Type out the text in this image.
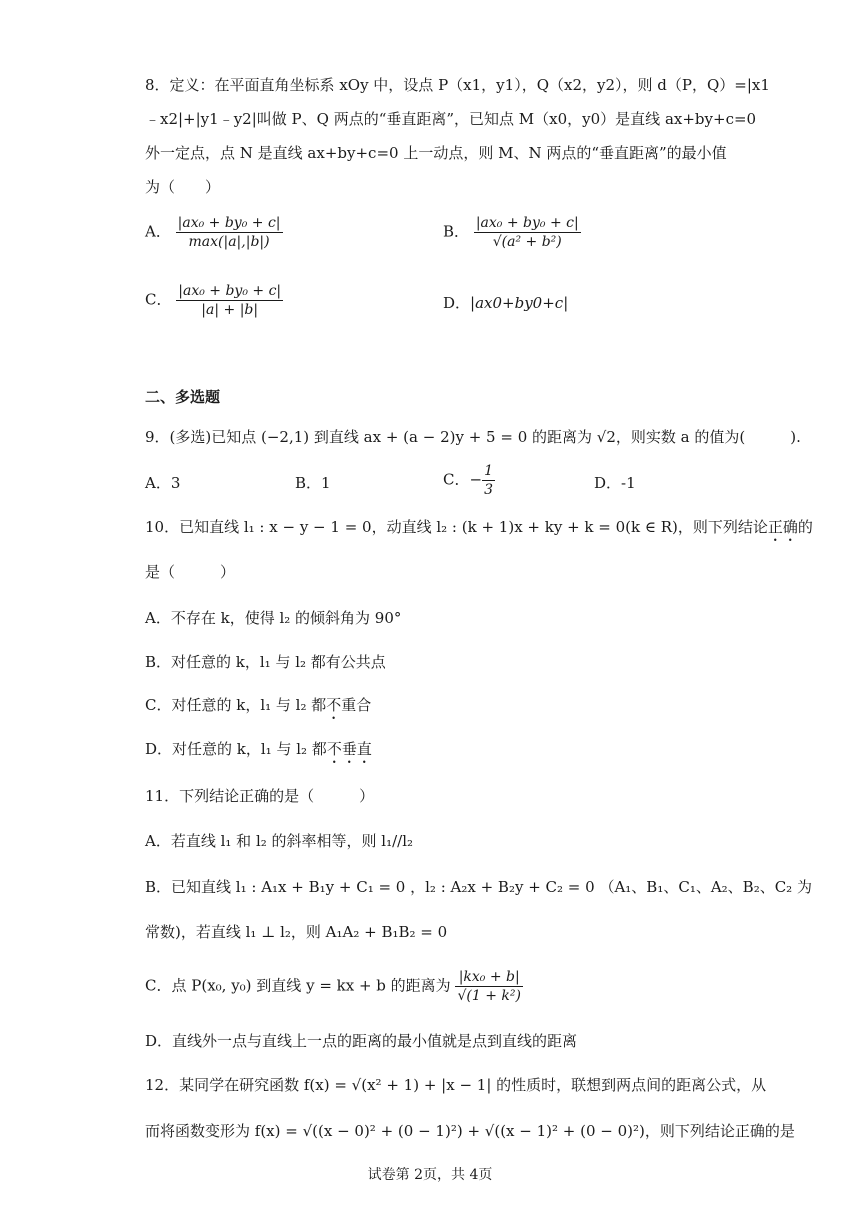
8．定义：在平面直角坐标系 xOy 中，设点 P（x1，y1），Q（x2，y2），则 d（P，Q）=|x1
﹣x2|+|y1﹣y2|叫做 P、Q 两点的“垂直距离”，已知点 M（x0，y0）是直线 ax+by+c=0
外一定点，点 N 是直线 ax+by+c=0 上一动点，则 M、N 两点的“垂直距离”的最小值
为（　　）
A． $\frac{\text{|ax₀ + by₀ + c|}}{\max(|a|,|b|)}$	B． $\frac{\text{|ax₀ + by₀ + c|}}{\text{√(a² + b²)}}$
C． $\frac{\text{|ax₀ + by₀ + c|}}{|a| + |b|}$	D．|ax0+by0+c|
二、多选题
9．(多选)已知点 (−2,1) 到直线 ax + (a − 2)y + 5 = 0 的距离为 √2，则实数 a 的值为(　　　).
A．3	B．1	C．− $\frac{1}{3}$	D．-1
10．已知直线 l₁ : x − y − 1 = 0，动直线 l₂ : (k + 1)x + ky + k = 0(k ∈ R)，则下列结论正确的
是（　　　）
A．不存在 k，使得 l₂ 的倾斜角为 90°
B．对任意的 k，l₁ 与 l₂ 都有公共点
C．对任意的 k，l₁ 与 l₂ 都不重合
D．对任意的 k，l₁ 与 l₂ 都不垂直
11．下列结论正确的是（　　　）
A．若直线 l₁ 和 l₂ 的斜率相等，则 l₁//l₂
B．已知直线 l₁ : A₁x + B₁y + C₁ = 0 ，l₂ : A₂x + B₂y + C₂ = 0 （A₁、B₁、C₁、A₂、B₂、C₂ 为
常数)，若直线 l₁ ⊥ l₂，则 A₁A₂ + B₁B₂ = 0
C．点 P(x₀, y₀) 到直线 y = kx + b 的距离为 $\frac{\text{|kx₀ + b|}}{\text{√(1 + k²)}}$
D．直线外一点与直线上一点的距离的最小值就是点到直线的距离
12．某同学在研究函数 f(x) = √(x² + 1) + |x − 1| 的性质时，联想到两点间的距离公式，从
而将函数变形为 f(x) = √((x − 0)² + (0 − 1)²) + √((x − 1)² + (0 − 0)²)，则下列结论正确的是
试卷第 2页，共 4页
